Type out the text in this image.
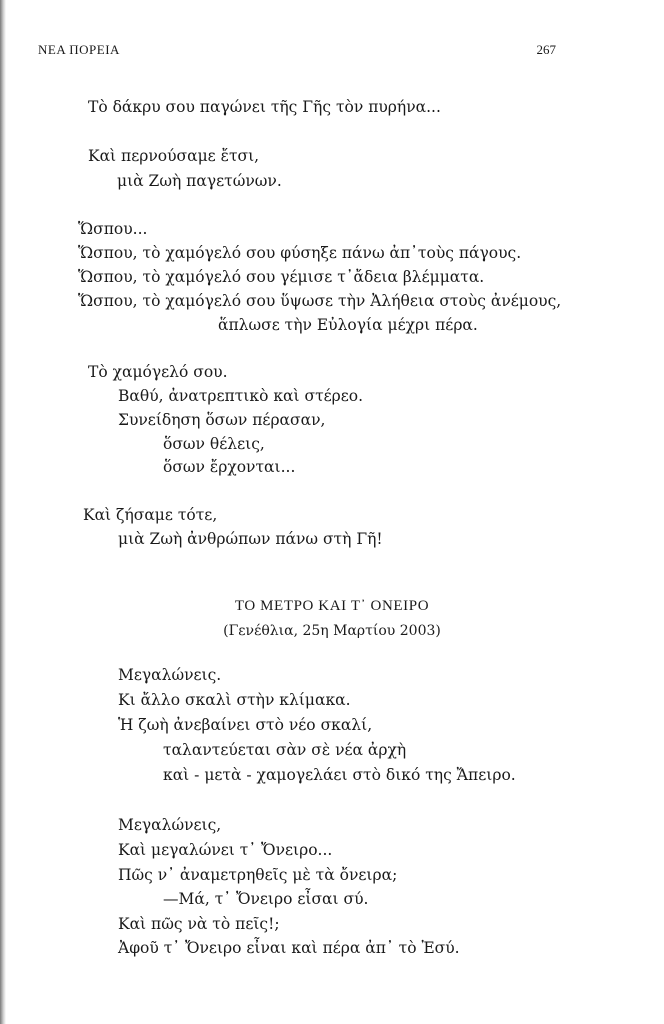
ΝΕΑ ΠΟΡΕΙΑ	267
Τὸ δάκρυ σου παγώνει τῆς Γῆς τὸν πυρήνα...
Καὶ περνούσαμε ἔτσι,
μιὰ Ζωὴ παγετώνων.
Ὥσπου...
Ὥσπου, τὸ χαμόγελό σου φύσηξε πάνω ἀπ᾽τοὺς πάγους.
Ὥσπου, τὸ χαμόγελό σου γέμισε τ᾽ἄδεια βλέμματα.
Ὥσπου, τὸ χαμόγελό σου ὕψωσε τὴν Ἀλήθεια στοὺς ἀνέμους,
ἅπλωσε τὴν Εὐλογία μέχρι πέρα.
Τὸ χαμόγελό σου.
Βαθύ, ἀνατρεπτικὸ καὶ στέρεο.
Συνείδηση ὅσων πέρασαν,
ὅσων θέλεις,
ὅσων ἔρχονται...
Καὶ ζήσαμε τότε,
μιὰ Ζωὴ ἀνθρώπων πάνω στὴ Γῆ!
ΤΟ ΜΕΤΡΟ ΚΑΙ Τ᾽ ΟΝΕΙΡΟ
(Γενέθλια, 25η Μαρτίου 2003)
Μεγαλώνεις.
Κι ἄλλο σκαλὶ στὴν κλίμακα.
Ἡ ζωὴ ἀνεβαίνει στὸ νέο σκαλί,
ταλαντεύεται σὰν σὲ νέα ἀρχὴ
καὶ - μετὰ - χαμογελάει στὸ δικό της Ἄπειρο.
Μεγαλώνεις,
Καὶ μεγαλώνει τ᾽ Ὄνειρο...
Πῶς ν᾽ ἀναμετρηθεῖς μὲ τὰ ὄνειρα;
—Μά, τ᾽ Ὄνειρο εἶσαι σύ.
Καὶ πῶς νὰ τὸ πεῖς!;
Ἀφοῦ τ᾽ Ὄνειρο εἶναι καὶ πέρα ἀπ᾽ τὸ Ἐσύ.
